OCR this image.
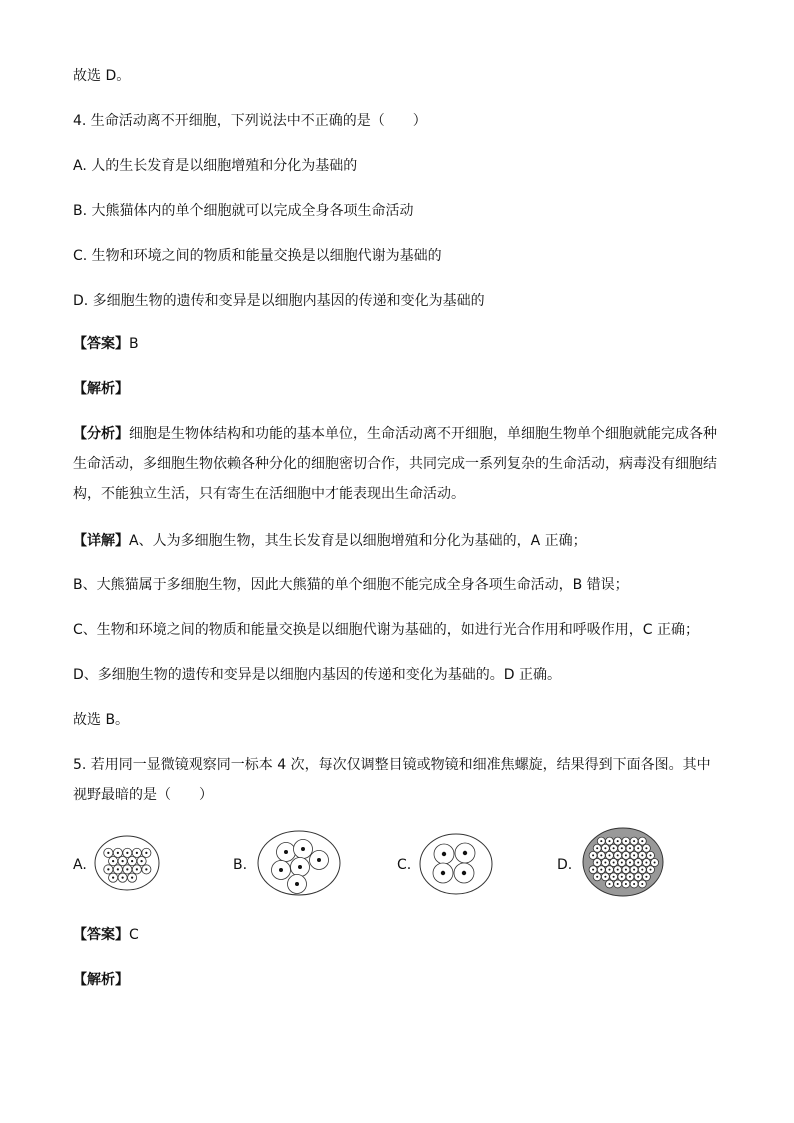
故选 D。
4. 生命活动离不开细胞，下列说法中不正确的是（　　）
A. 人的生长发育是以细胞增殖和分化为基础的
B. 大熊猫体内的单个细胞就可以完成全身各项生命活动
C. 生物和环境之间的物质和能量交换是以细胞代谢为基础的
D. 多细胞生物的遗传和变异是以细胞内基因的传递和变化为基础的
【答案】B
【解析】
【分析】细胞是生物体结构和功能的基本单位，生命活动离不开细胞，单细胞生物单个细胞就能完成各种生命活动，多细胞生物依赖各种分化的细胞密切合作，共同完成一系列复杂的生命活动，病毒没有细胞结构，不能独立生活，只有寄生在活细胞中才能表现出生命活动。
【详解】A、人为多细胞生物，其生长发育是以细胞增殖和分化为基础的，A 正确；
B、大熊猫属于多细胞生物，因此大熊猫的单个细胞不能完成全身各项生命活动，B 错误；
C、生物和环境之间的物质和能量交换是以细胞代谢为基础的，如进行光合作用和呼吸作用，C 正确；
D、多细胞生物的遗传和变异是以细胞内基因的传递和变化为基础的。D 正确。
故选 B。
5. 若用同一显微镜观察同一标本 4 次，每次仅调整目镜或物镜和细准焦螺旋，结果得到下面各图。其中视野最暗的是（　　）
A.	B.	C.	D.
【答案】C
【解析】
